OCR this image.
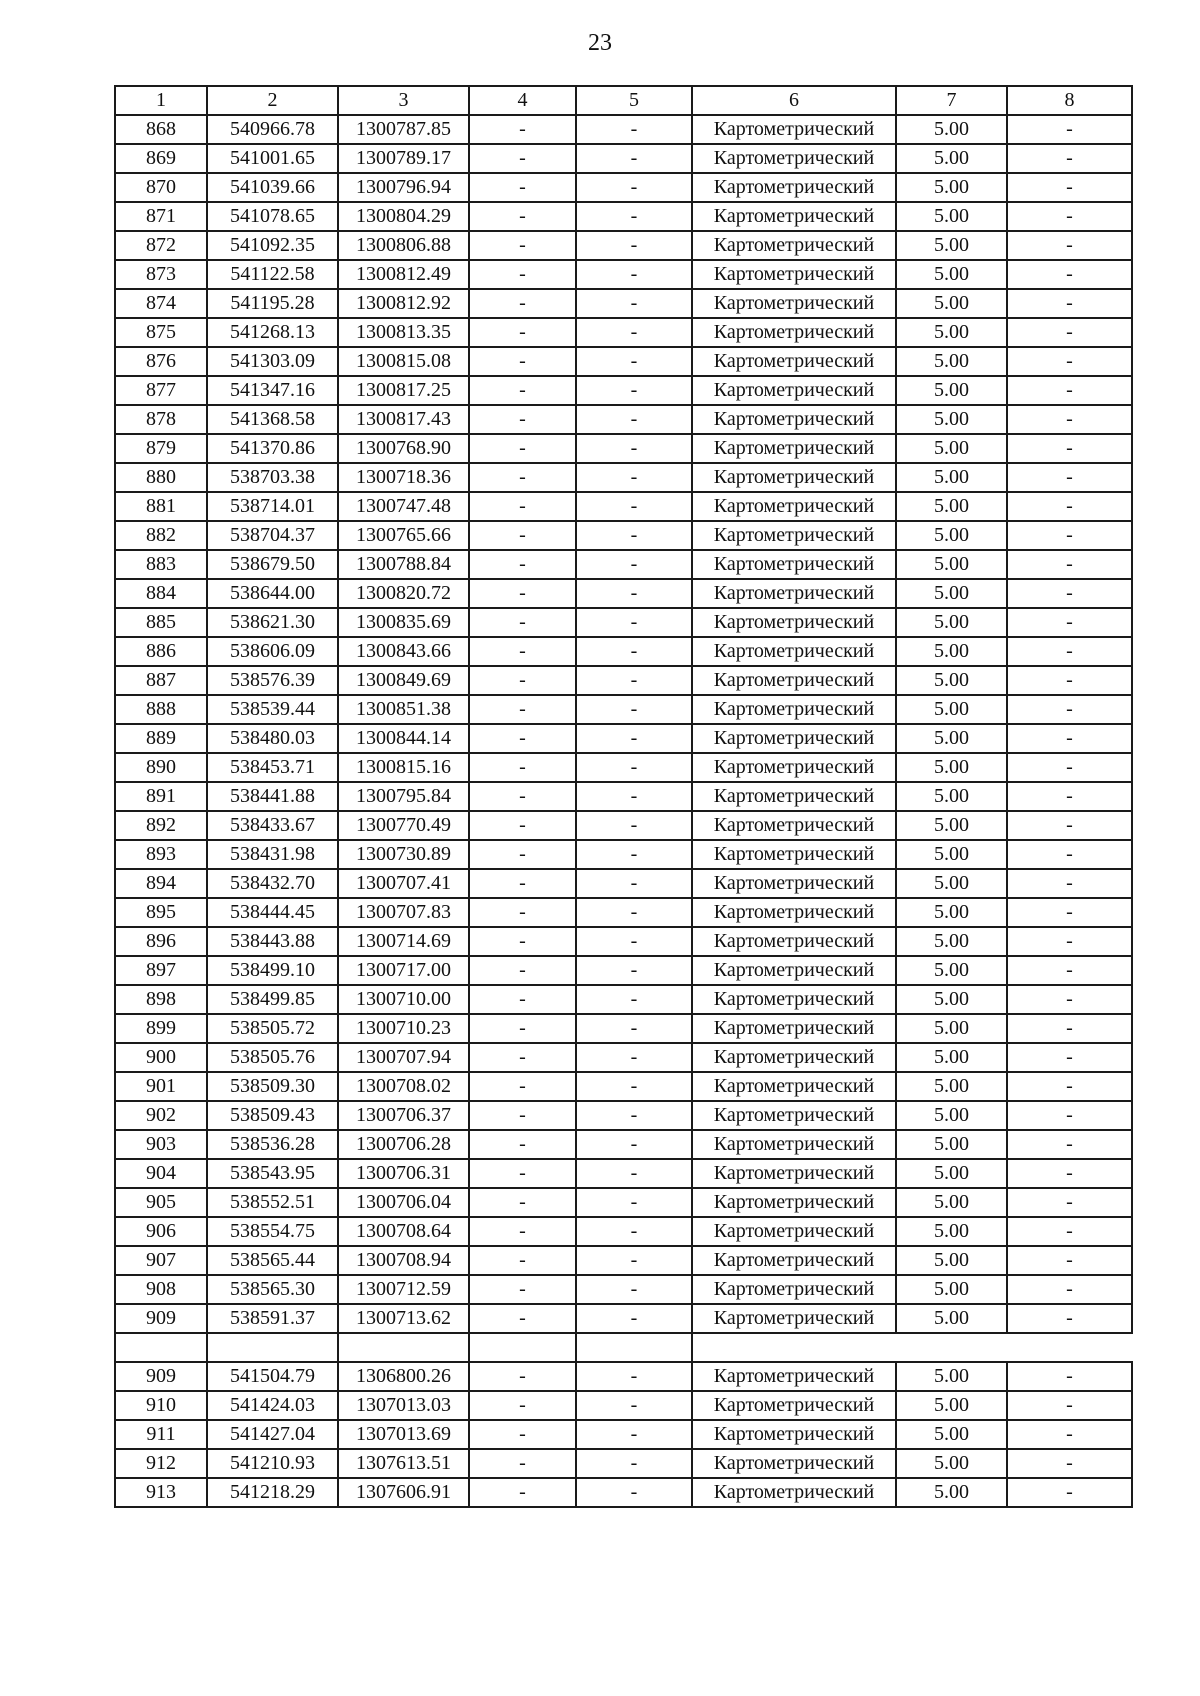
23
1	2	3	4	5	6	7	8
868	540966.78	1300787.85	-	-	Картометрический	5.00	-
869	541001.65	1300789.17	-	-	Картометрический	5.00	-
870	541039.66	1300796.94	-	-	Картометрический	5.00	-
871	541078.65	1300804.29	-	-	Картометрический	5.00	-
872	541092.35	1300806.88	-	-	Картометрический	5.00	-
873	541122.58	1300812.49	-	-	Картометрический	5.00	-
874	541195.28	1300812.92	-	-	Картометрический	5.00	-
875	541268.13	1300813.35	-	-	Картометрический	5.00	-
876	541303.09	1300815.08	-	-	Картометрический	5.00	-
877	541347.16	1300817.25	-	-	Картометрический	5.00	-
878	541368.58	1300817.43	-	-	Картометрический	5.00	-
879	541370.86	1300768.90	-	-	Картометрический	5.00	-
880	538703.38	1300718.36	-	-	Картометрический	5.00	-
881	538714.01	1300747.48	-	-	Картометрический	5.00	-
882	538704.37	1300765.66	-	-	Картометрический	5.00	-
883	538679.50	1300788.84	-	-	Картометрический	5.00	-
884	538644.00	1300820.72	-	-	Картометрический	5.00	-
885	538621.30	1300835.69	-	-	Картометрический	5.00	-
886	538606.09	1300843.66	-	-	Картометрический	5.00	-
887	538576.39	1300849.69	-	-	Картометрический	5.00	-
888	538539.44	1300851.38	-	-	Картометрический	5.00	-
889	538480.03	1300844.14	-	-	Картометрический	5.00	-
890	538453.71	1300815.16	-	-	Картометрический	5.00	-
891	538441.88	1300795.84	-	-	Картометрический	5.00	-
892	538433.67	1300770.49	-	-	Картометрический	5.00	-
893	538431.98	1300730.89	-	-	Картометрический	5.00	-
894	538432.70	1300707.41	-	-	Картометрический	5.00	-
895	538444.45	1300707.83	-	-	Картометрический	5.00	-
896	538443.88	1300714.69	-	-	Картометрический	5.00	-
897	538499.10	1300717.00	-	-	Картометрический	5.00	-
898	538499.85	1300710.00	-	-	Картометрический	5.00	-
899	538505.72	1300710.23	-	-	Картометрический	5.00	-
900	538505.76	1300707.94	-	-	Картометрический	5.00	-
901	538509.30	1300708.02	-	-	Картометрический	5.00	-
902	538509.43	1300706.37	-	-	Картометрический	5.00	-
903	538536.28	1300706.28	-	-	Картометрический	5.00	-
904	538543.95	1300706.31	-	-	Картометрический	5.00	-
905	538552.51	1300706.04	-	-	Картометрический	5.00	-
906	538554.75	1300708.64	-	-	Картометрический	5.00	-
907	538565.44	1300708.94	-	-	Картометрический	5.00	-
908	538565.30	1300712.59	-	-	Картометрический	5.00	-
909	538591.37	1300713.62	-	-	Картометрический	5.00	-

909	541504.79	1306800.26	-	-	Картометрический	5.00	-
910	541424.03	1307013.03	-	-	Картометрический	5.00	-
911	541427.04	1307013.69	-	-	Картометрический	5.00	-
912	541210.93	1307613.51	-	-	Картометрический	5.00	-
913	541218.29	1307606.91	-	-	Картометрический	5.00	-
